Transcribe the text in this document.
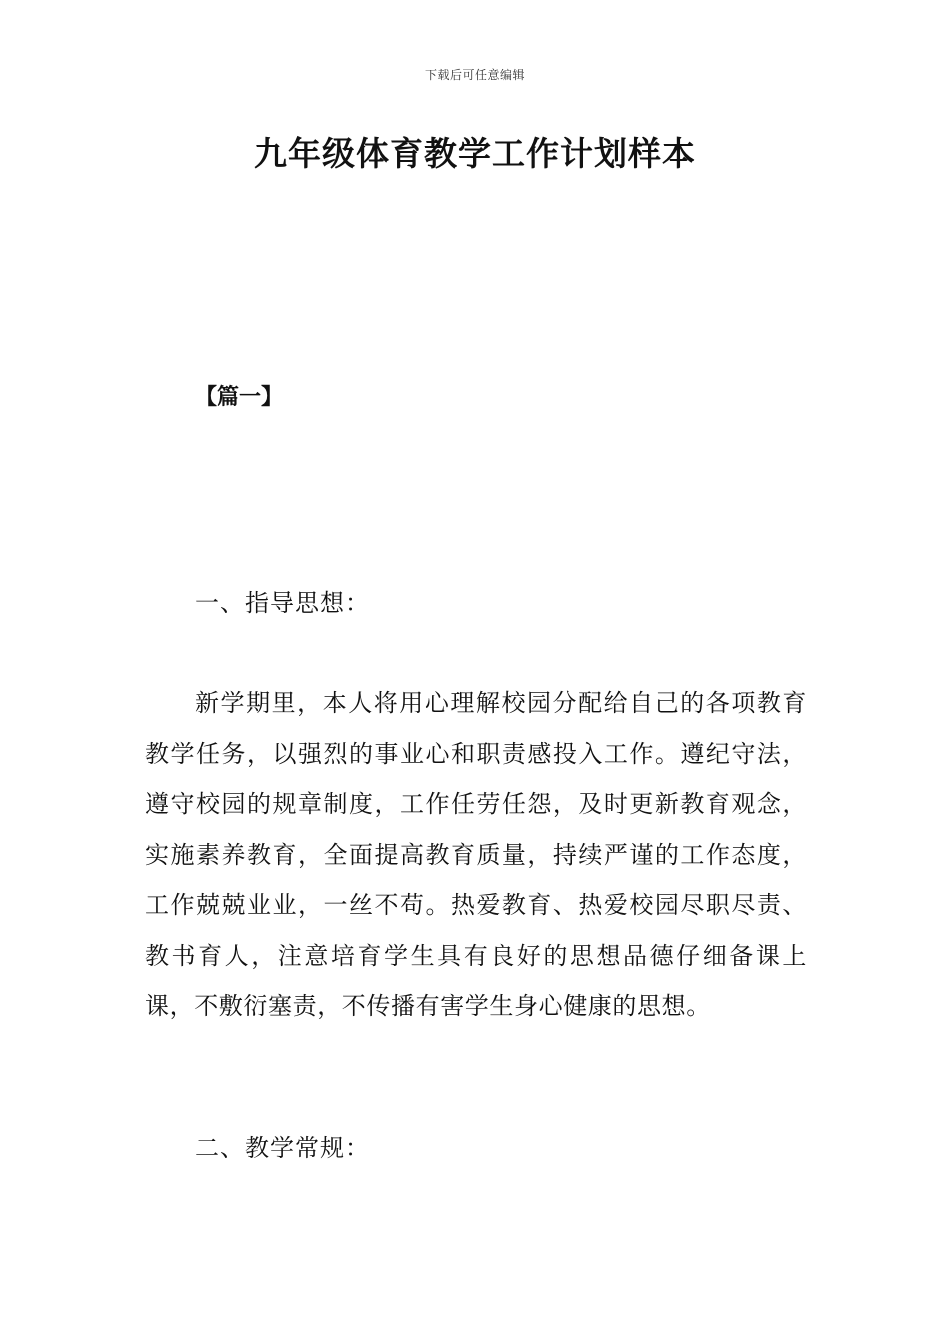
下载后可任意编辑
九年级体育教学工作计划样本
【篇一】
一、指导思想：

新学期里，本人将用心理解校园分配给自己的各项教育教学任务，以强烈的事业心和职责感投入工作。遵纪守法，遵守校园的规章制度，工作任劳任怨，及时更新教育观念，实施素养教育，全面提高教育质量，持续严谨的工作态度，工作兢兢业业，一丝不苟。热爱教育、热爱校园尽职尽责、教书育人，注意培育学生具有良好的思想品德仔细备课上课，不敷衍塞责，不传播有害学生身心健康的思想。

二、教学常规：
